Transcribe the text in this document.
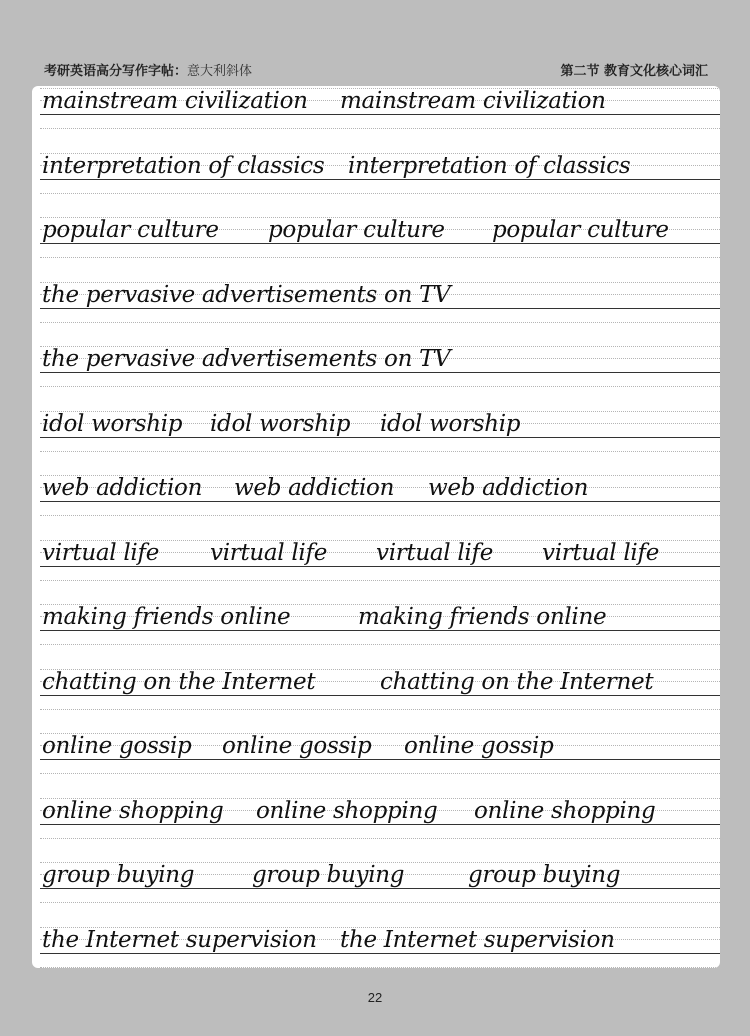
考研英语高分写作字帖：意大利斜体	第二节 教育文化核心词汇
mainstream civilization mainstream civilization
interpretation of classics interpretation of classics
popular culture popular culture popular culture
the pervasive advertisements on TV
the pervasive advertisements on TV
idol worship idol worship idol worship
web addiction web addiction web addiction
virtual life virtual life virtual life virtual life
making friends online	making friends online
chatting on the Internet	chatting on the Internet
online gossip online gossip online gossip
online shopping online shopping online shopping
group buying	group buying	group buying
the Internet supervision the Internet supervision
22
